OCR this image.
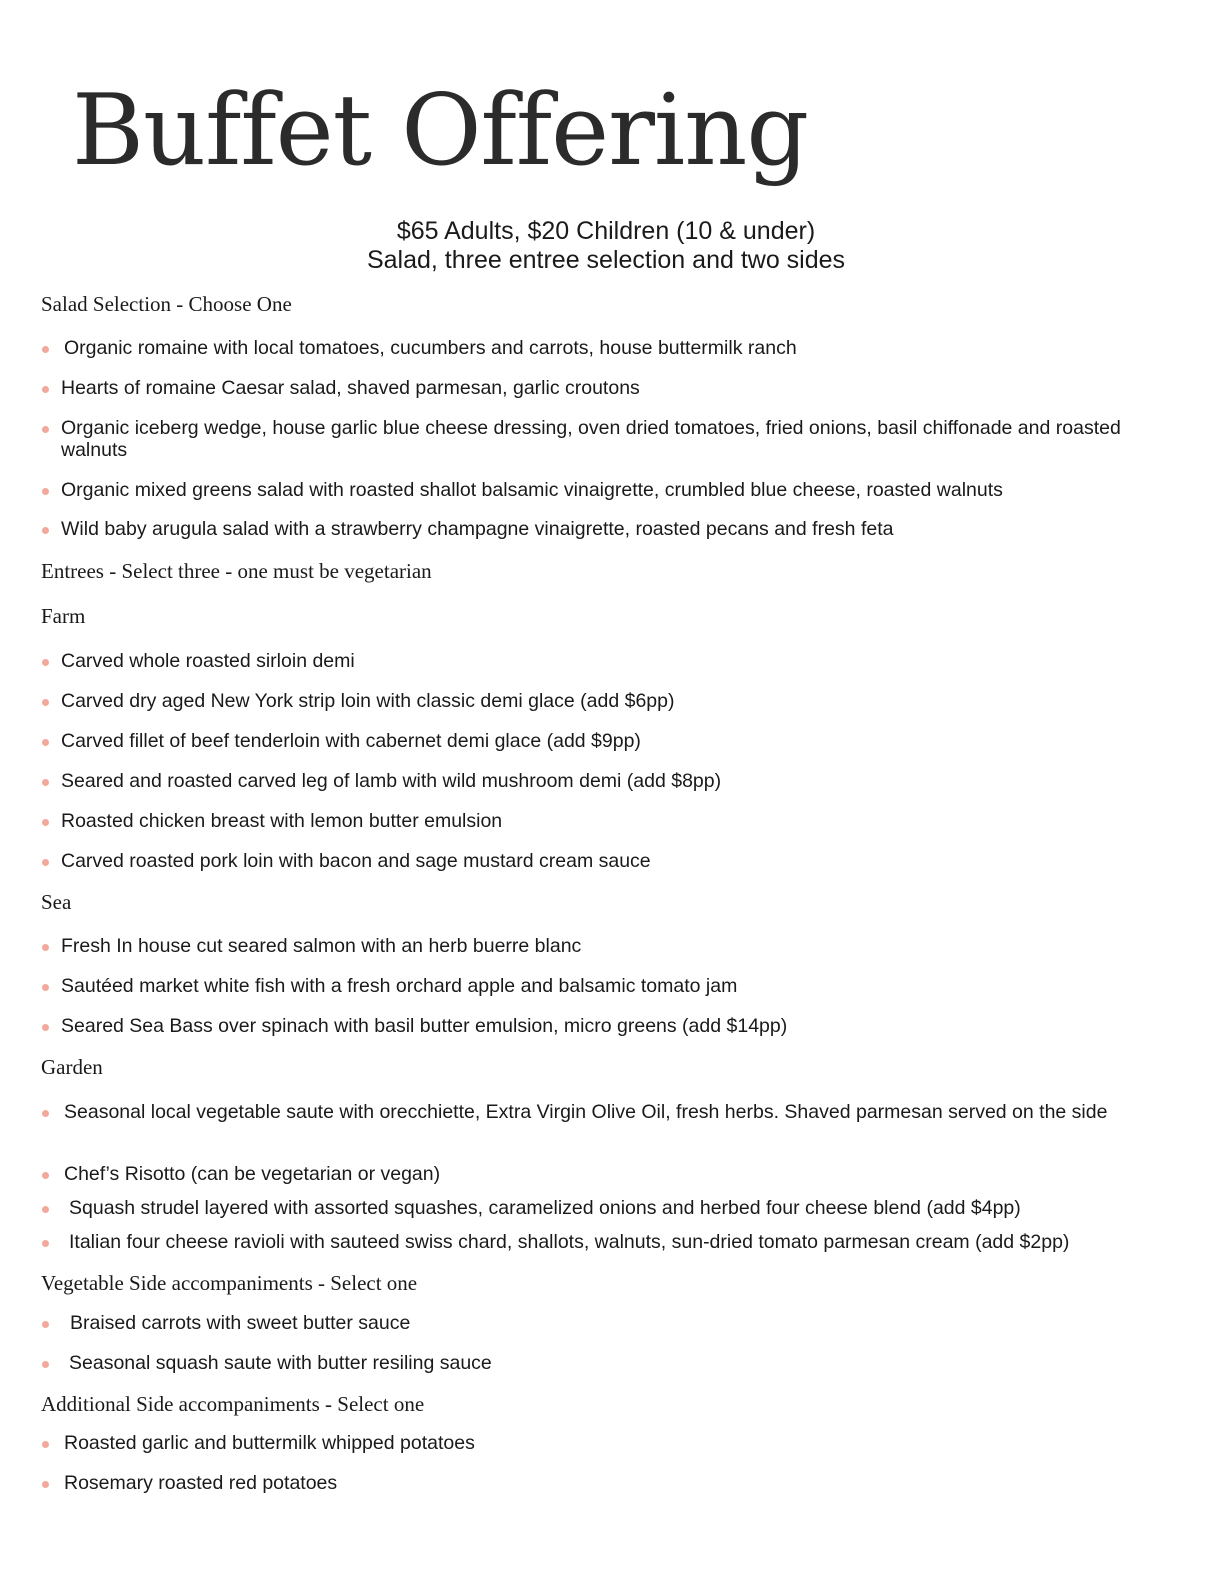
Buffet Offering
$65 Adults, $20 Children (10 & under)
Salad, three entree selection and two sides
Salad Selection - Choose One
Organic romaine with local tomatoes, cucumbers and carrots, house buttermilk ranch
Hearts of romaine Caesar salad, shaved parmesan, garlic croutons
Organic iceberg wedge, house garlic blue cheese dressing, oven dried tomatoes, fried onions, basil chiffonade and roasted walnuts
Organic mixed greens salad with roasted shallot balsamic vinaigrette, crumbled blue cheese, roasted walnuts
Wild baby arugula salad with a strawberry champagne vinaigrette, roasted pecans and fresh feta
Entrees - Select three - one must be vegetarian
Farm
Carved whole roasted sirloin demi
Carved dry aged New York strip loin with classic demi glace (add $6pp)
Carved fillet of beef tenderloin with cabernet demi glace (add $9pp)
Seared and roasted carved leg of lamb with wild mushroom demi (add $8pp)
Roasted chicken breast with lemon butter emulsion
Carved roasted pork loin with bacon and sage mustard cream sauce
Sea
Fresh In house cut seared salmon with an herb buerre blanc
Sautéed market white fish with a fresh orchard apple and balsamic tomato jam
Seared Sea Bass over spinach with basil butter emulsion, micro greens (add $14pp)
Garden
Seasonal local vegetable saute with orecchiette, Extra Virgin Olive Oil, fresh herbs. Shaved parmesan served on the side
Chef’s Risotto (can be vegetarian or vegan)
Squash strudel layered with assorted squashes, caramelized onions and herbed four cheese blend (add $4pp)
Italian four cheese ravioli with sauteed swiss chard, shallots, walnuts, sun-dried tomato parmesan cream (add $2pp)
Vegetable Side accompaniments - Select one
Braised carrots with sweet butter sauce
Seasonal squash saute with butter resiling sauce
Additional Side accompaniments - Select one
Roasted garlic and buttermilk whipped potatoes
Rosemary roasted red potatoes
